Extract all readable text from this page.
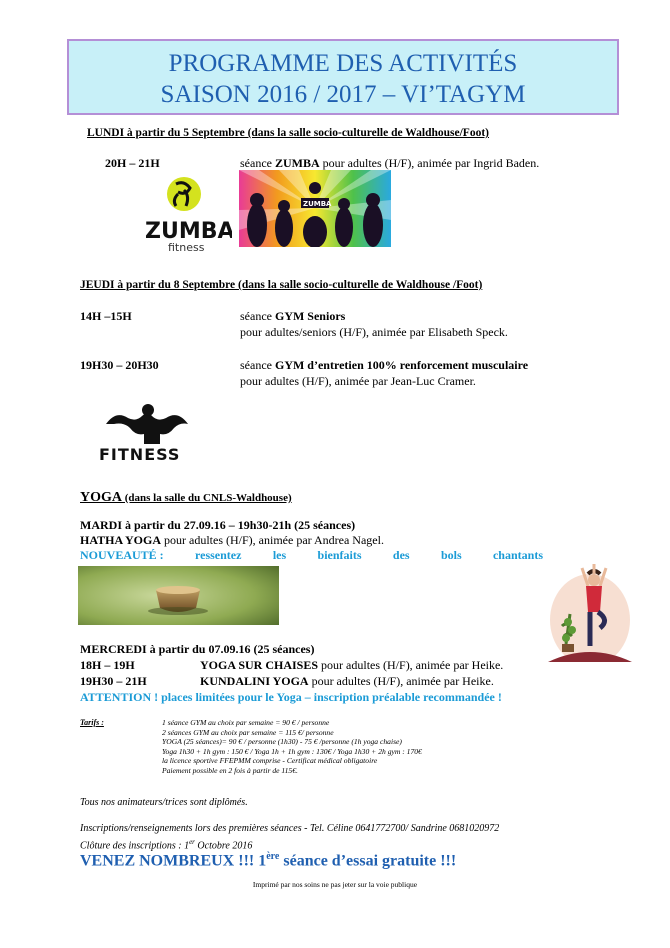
PROGRAMME DES ACTIVITÉS
SAISON 2016 / 2017 – VI’TAGYM
LUNDI à partir du 5 Septembre (dans la salle socio-culturelle de Waldhouse/Foot)
20H – 21H	séance ZUMBA pour adultes (H/F), animée par Ingrid Baden.
ZUMBA
fitness
ZUMBA
JEUDI à partir du 8 Septembre (dans la salle socio-culturelle de Waldhouse /Foot)
14H –15H	séance GYM Seniors
pour adultes/seniors (H/F), animée par Elisabeth Speck.
19H30 – 20H30	séance GYM d’entretien 100% renforcement musculaire
pour adultes (H/F), animée par Jean-Luc Cramer.
FITNESS
YOGA (dans la salle du CNLS-Waldhouse)
MARDI à partir du 27.09.16 – 19h30-21h (25 séances)
HATHA YOGA pour adultes (H/F), animée par Andrea Nagel.
NOUVEAUTÉ :	ressentez	les	bienfaits	des	bols	chantants
MERCREDI à partir du 07.09.16 (25 séances)
18H – 19H	YOGA SUR CHAISES pour adultes (H/F), animée par Heike.
19H30 – 21H	KUNDALINI YOGA pour adultes (H/F), animée par Heike.
ATTENTION ! places limitées pour le Yoga – inscription préalable recommandée !
Tarifs :	1 séance GYM au choix par semaine = 90 € / personne
2 séances GYM au choix par semaine = 115 €/ personne
YOGA (25 séances)= 90 € / personne (1h30) - 75 € /personne (1h yoga chaise)
Yoga 1h30 + 1h gym : 150 € / Yoga 1h + 1h gym : 130€ / Yoga 1h30 + 2h gym : 170€
la licence sportive FFEPMM comprise - Certificat médical obligatoire
Paiement possible en 2 fois à partir de 115€.
Tous nos animateurs/trices sont diplômés.
Inscriptions/renseignements lors des premières séances - Tel. Céline 0641772700/ Sandrine 0681020972
Clôture des inscriptions : 1er Octobre 2016
VENEZ NOMBREUX !!! 1ère séance d’essai gratuite !!!
Imprimé par nos soins ne pas jeter sur la voie publique
